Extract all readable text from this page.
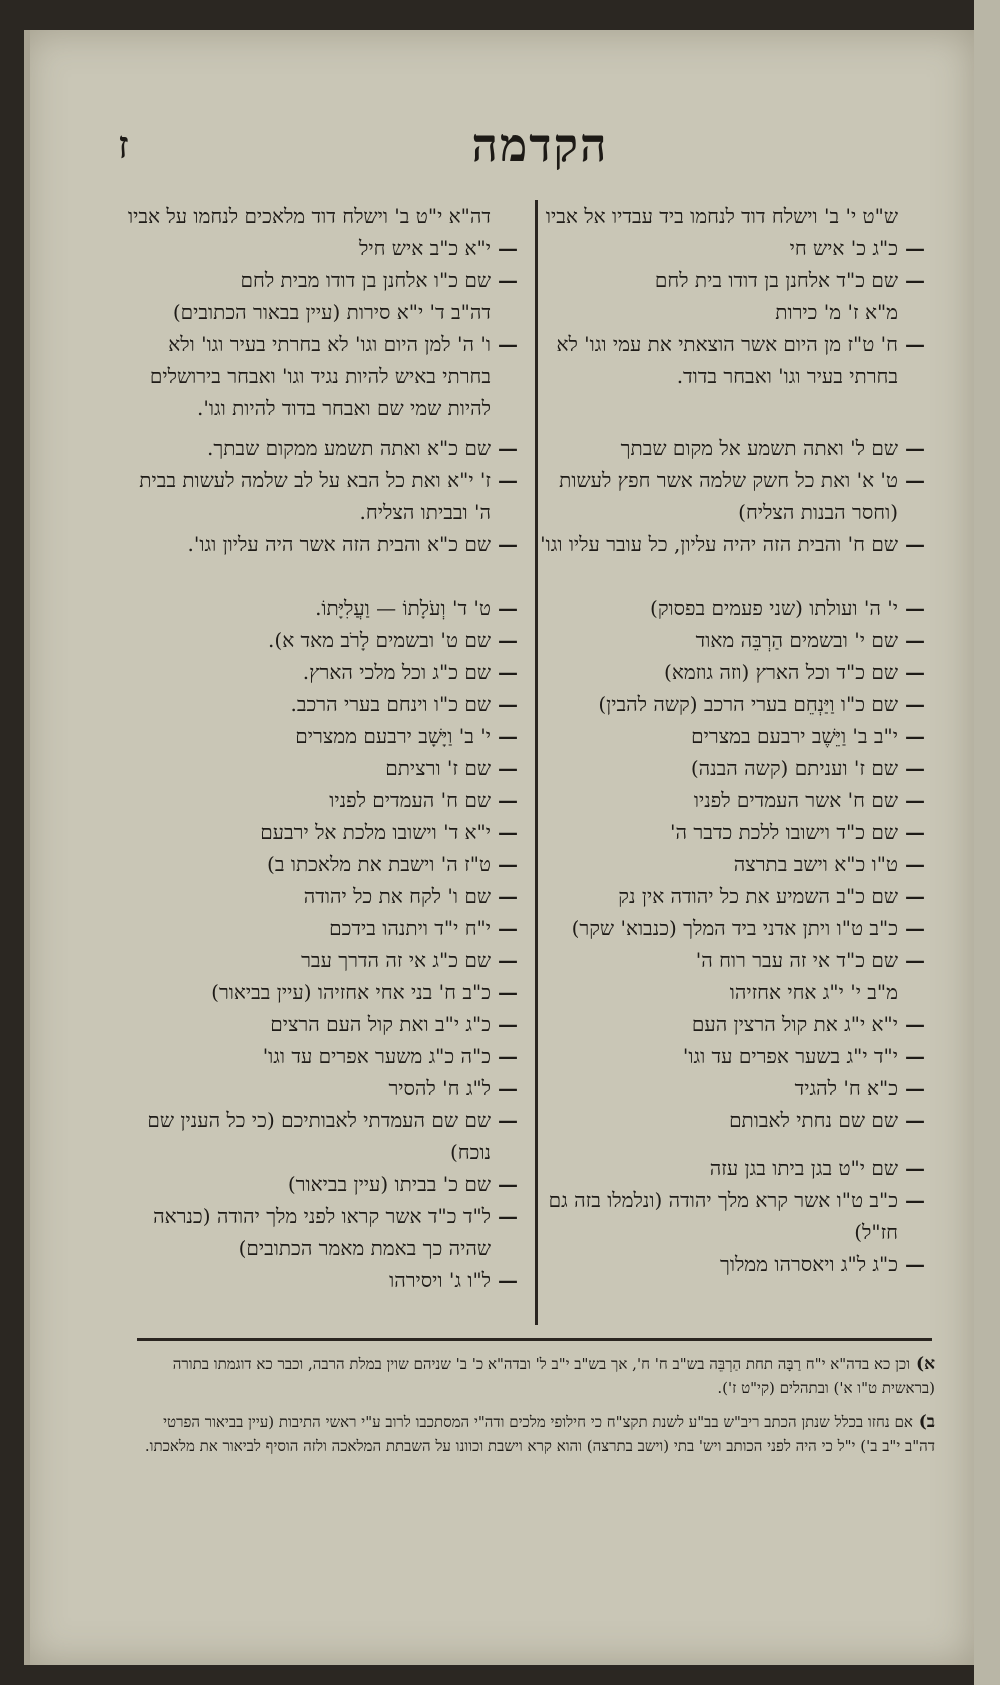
הקדמה
ז
ש"ט י' ב' וישלח דוד לנחמו ביד עבדיו אל אביו
—
כ"ג כ' איש חי
—
שם כ"ד אלחנן בן דודו בית לחם
מ"א ז' מ' כירות
—
ח' ט"ז מן היום אשר הוצאתי את עמי וגו' לא בחרתי בעיר וגו' ואבחר בדוד.
—
שם ל' ואתה תשמע אל מקום שבתך
—
ט' א' ואת כל חשק שלמה אשר חפץ לעשות (וחסר הבנות הצליח)
—
שם ח' והבית הזה יהיה עליון, כל עובר עליו וגו'
—
י' ה' ועולתו (שני פעמים בפסוק)
—
שם י' ובשמים הַרְבֵּה מאוד
—
שם כ"ד וכל הארץ (וזה גוזמא)
—
שם כ"ו וַיַּנְחֵם בערי הרכב (קשה להבין)
—
י"ב ב' וַיֵּשֶׁב ירבעם במצרים
—
שם ז' ועניתם (קשה הבנה)
—
שם ח' אשר העמדים לפניו
—
שם כ"ד וישובו ללכת כדבר ה'
—
ט"ו כ"א וישב בתרצה
—
שם כ"ב השמיע את כל יהודה אין נק
—
כ"ב ט"ו ויתן אדני ביד המלך (כנבוא' שקר)
—
שם כ"ד אי זה עבר רוח ה'
מ"ב י' י"ג אחי אחזיהו
—
י"א י"ג את קול הרצין העם
—
י"ד י"ג בשער אפרים עד וגו'
—
כ"א ח' להגיד
—
שם שם נחתי לאבותם
—
שם י"ט בגן ביתו בגן עזה
—
כ"ב ט"ו אשר קרא מלך יהודה (ונלמלו בזה גם חז"ל)
—
כ"ג ל"ג ויאסרהו ממלוך
דה"א י"ט ב' וישלח דוד מלאכים לנחמו על אביו
—
י"א כ"ב איש חיל
—
שם כ"ו אלחנן בן דודו מבית לחם
דה"ב ד' י"א סירות (עיין בבאור הכתובים)
—
ו' ה' למן היום וגו' לא בחרתי בעיר וגו' ולא בחרתי באיש להיות נגיד וגו' ואבחר בירושלים להיות שמי שם ואבחר בדוד להיות וגו'.
—
שם כ"א ואתה תשמע ממקום שבתך.
—
ז' י"א ואת כל הבא על לב שלמה לעשות בבית ה' ובביתו הצליח.
—
שם כ"א והבית הזה אשר היה עליון וגו'.
—
ט' ד' וְעֹלָתוֹ — וַעֲלִיָּתוֹ.
—
שם ט' ובשמים לָרֹב מאד א).
—
שם כ"ג וכל מלכי הארץ.
—
שם כ"ו וינחם בערי הרכב.
—
י' ב' וַיָּשָׁב ירבעם ממצרים
—
שם ז' ורציתם
—
שם ח' העמדים לפניו
—
י"א ד' וישובו מלכת אל ירבעם
—
ט"ז ה' וישבת את מלאכתו ב)
—
שם ו' לקח את כל יהודה
—
י"ח י"ד ויתנהו בידכם
—
שם כ"ג אי זה הדרך עבר
—
כ"ב ח' בני אחי אחזיהו (עיין בביאור)
—
כ"ג י"ב ואת קול העם הרצים
—
כ"ה כ"ג משער אפרים עד וגו'
—
ל"ג ח' להסיר
—
שם שם העמדתי לאבותיכם (כי כל הענין שם נוכח)
—
שם כ' בביתו (עיין בביאור)
—
ל"ד כ"ד אשר קראו לפני מלך יהודה (כנראה שהיה כך באמת מאמר הכתובים)
—
ל"ו ג' ויסירהו
א) וכן כא בדה"א י"ח רַבָּה תחת הַרְבֵּה בש"ב ח' ח', אך בש"ב י"ב ל' ובדה"א כ' ב' שניהם שוין במלת הרבה, וכבר כא דוגמתו בתורה (בראשית ט"ו א') ובתהלים (קי"ט ז').
ב) אם נחזו בכלל שנתן הכתב ריב"ש בב"ע לשנת תקצ"ח כי חילופי מלכים ודה"י המסתכבו לרוב ע"י ראשי התיבות (עיין בביאור הפרטי דה"ב י"ב ב') י"ל כי היה לפני הכותב ויש' בתי (וישב בתרצה) והוא קרא וישבת וכוונו על השבתת המלאכה ולזה הוסיף לביאור את מלאכתו.
